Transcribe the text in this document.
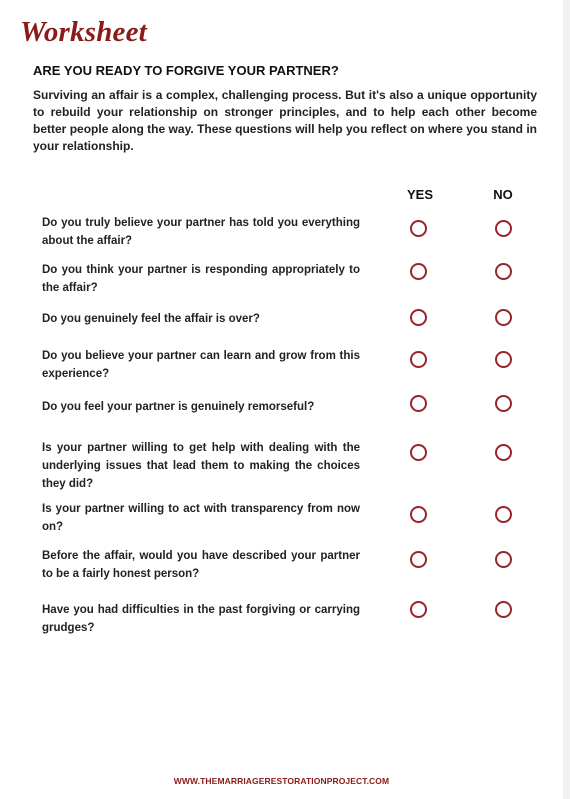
Worksheet
ARE YOU READY TO FORGIVE YOUR PARTNER?
Surviving an affair is a complex, challenging process. But it's also a unique opportunity to rebuild your relationship on stronger principles, and to help each other become better people along the way. These questions will help you reflect on where you stand in your relationship.
YES	NO
Do you truly believe your partner has told you everything about the affair?
Do you think your partner is responding appropriately to the affair?
Do you genuinely feel the affair is over?
Do you believe your partner can learn and grow from this experience?
Do you feel your partner is genuinely remorseful?
Is your partner willing to get help with dealing with the underlying issues that lead them to making the choices they did?
Is your partner willing to act with transparency from now on?
Before the affair, would you have described your partner to be a fairly honest person?
Have you had difficulties in the past forgiving or carrying grudges?
WWW.THEMARRIAGERESTORATIONPROJECT.COM
